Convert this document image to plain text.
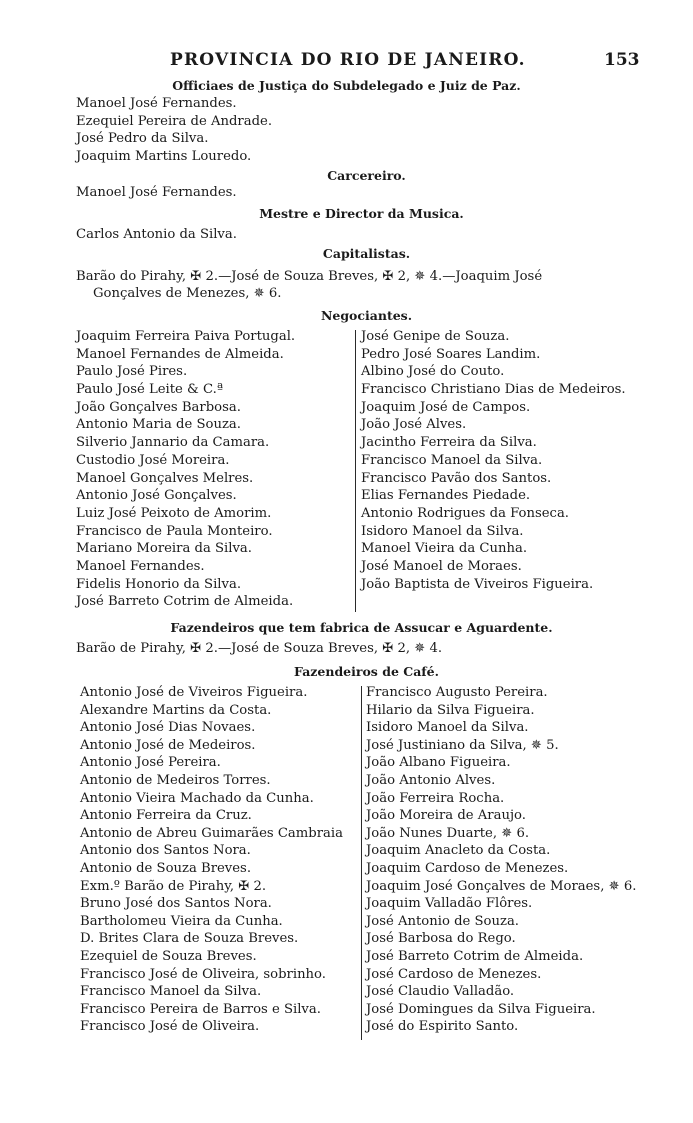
PROVINCIA DO RIO DE JANEIRO.	153
Officiaes de Justiça do Subdelegado e Juiz de Paz.
Manoel José Fernandes.
Ezequiel Pereira de Andrade.
José Pedro da Silva.
Joaquim Martins Louredo.
Carcereiro.
Manoel José Fernandes.
Mestre e Director da Musica.
Carlos Antonio da Silva.
Capitalistas.
Barão do Pirahy, ✠ 2.—José de Souza Breves, ✠ 2, ✵ 4.—Joaquim José
Gonçalves de Menezes, ✵ 6.
Negociantes.
Joaquim Ferreira Paiva Portugal.
Manoel Fernandes de Almeida.
Paulo José Pires.
Paulo José Leite & C.ª
João Gonçalves Barbosa.
Antonio Maria de Souza.
Silverio Jannario da Camara.
Custodio José Moreira.
Manoel Gonçalves Melres.
Antonio José Gonçalves.
Luiz José Peixoto de Amorim.
Francisco de Paula Monteiro.
Mariano Moreira da Silva.
Manoel Fernandes.
Fidelis Honorio da Silva.
José Barreto Cotrim de Almeida.
José Genipe de Souza.
Pedro José Soares Landim.
Albino José do Couto.
Francisco Christiano Dias de Medeiros.
Joaquim José de Campos.
João José Alves.
Jacintho Ferreira da Silva.
Francisco Manoel da Silva.
Francisco Pavão dos Santos.
Elias Fernandes Piedade.
Antonio Rodrigues da Fonseca.
Isidoro Manoel da Silva.
Manoel Vieira da Cunha.
José Manoel de Moraes.
João Baptista de Viveiros Figueira.
Fazendeiros que tem fabrica de Assucar e Aguardente.
Barão de Pirahy, ✠ 2.—José de Souza Breves, ✠ 2, ✵ 4.
Fazendeiros de Café.
Antonio José de Viveiros Figueira.
Alexandre Martins da Costa.
Antonio José Dias Novaes.
Antonio José de Medeiros.
Antonio José Pereira.
Antonio de Medeiros Torres.
Antonio Vieira Machado da Cunha.
Antonio Ferreira da Cruz.
Antonio de Abreu Guimarães Cambraia
Antonio dos Santos Nora.
Antonio de Souza Breves.
Exm.º Barão de Pirahy, ✠ 2.
Bruno José dos Santos Nora.
Bartholomeu Vieira da Cunha.
D. Brites Clara de Souza Breves.
Ezequiel de Souza Breves.
Francisco José de Oliveira, sobrinho.
Francisco Manoel da Silva.
Francisco Pereira de Barros e Silva.
Francisco José de Oliveira.
Francisco Augusto Pereira.
Hilario da Silva Figueira.
Isidoro Manoel da Silva.
José Justiniano da Silva, ✵ 5.
João Albano Figueira.
João Antonio Alves.
João Ferreira Rocha.
João Moreira de Araujo.
João Nunes Duarte, ✵ 6.
Joaquim Anacleto da Costa.
Joaquim Cardoso de Menezes.
Joaquim José Gonçalves de Moraes, ✵ 6.
Joaquim Valladão Flôres.
José Antonio de Souza.
José Barbosa do Rego.
José Barreto Cotrim de Almeida.
José Cardoso de Menezes.
José Claudio Valladão.
José Domingues da Silva Figueira.
José do Espirito Santo.
